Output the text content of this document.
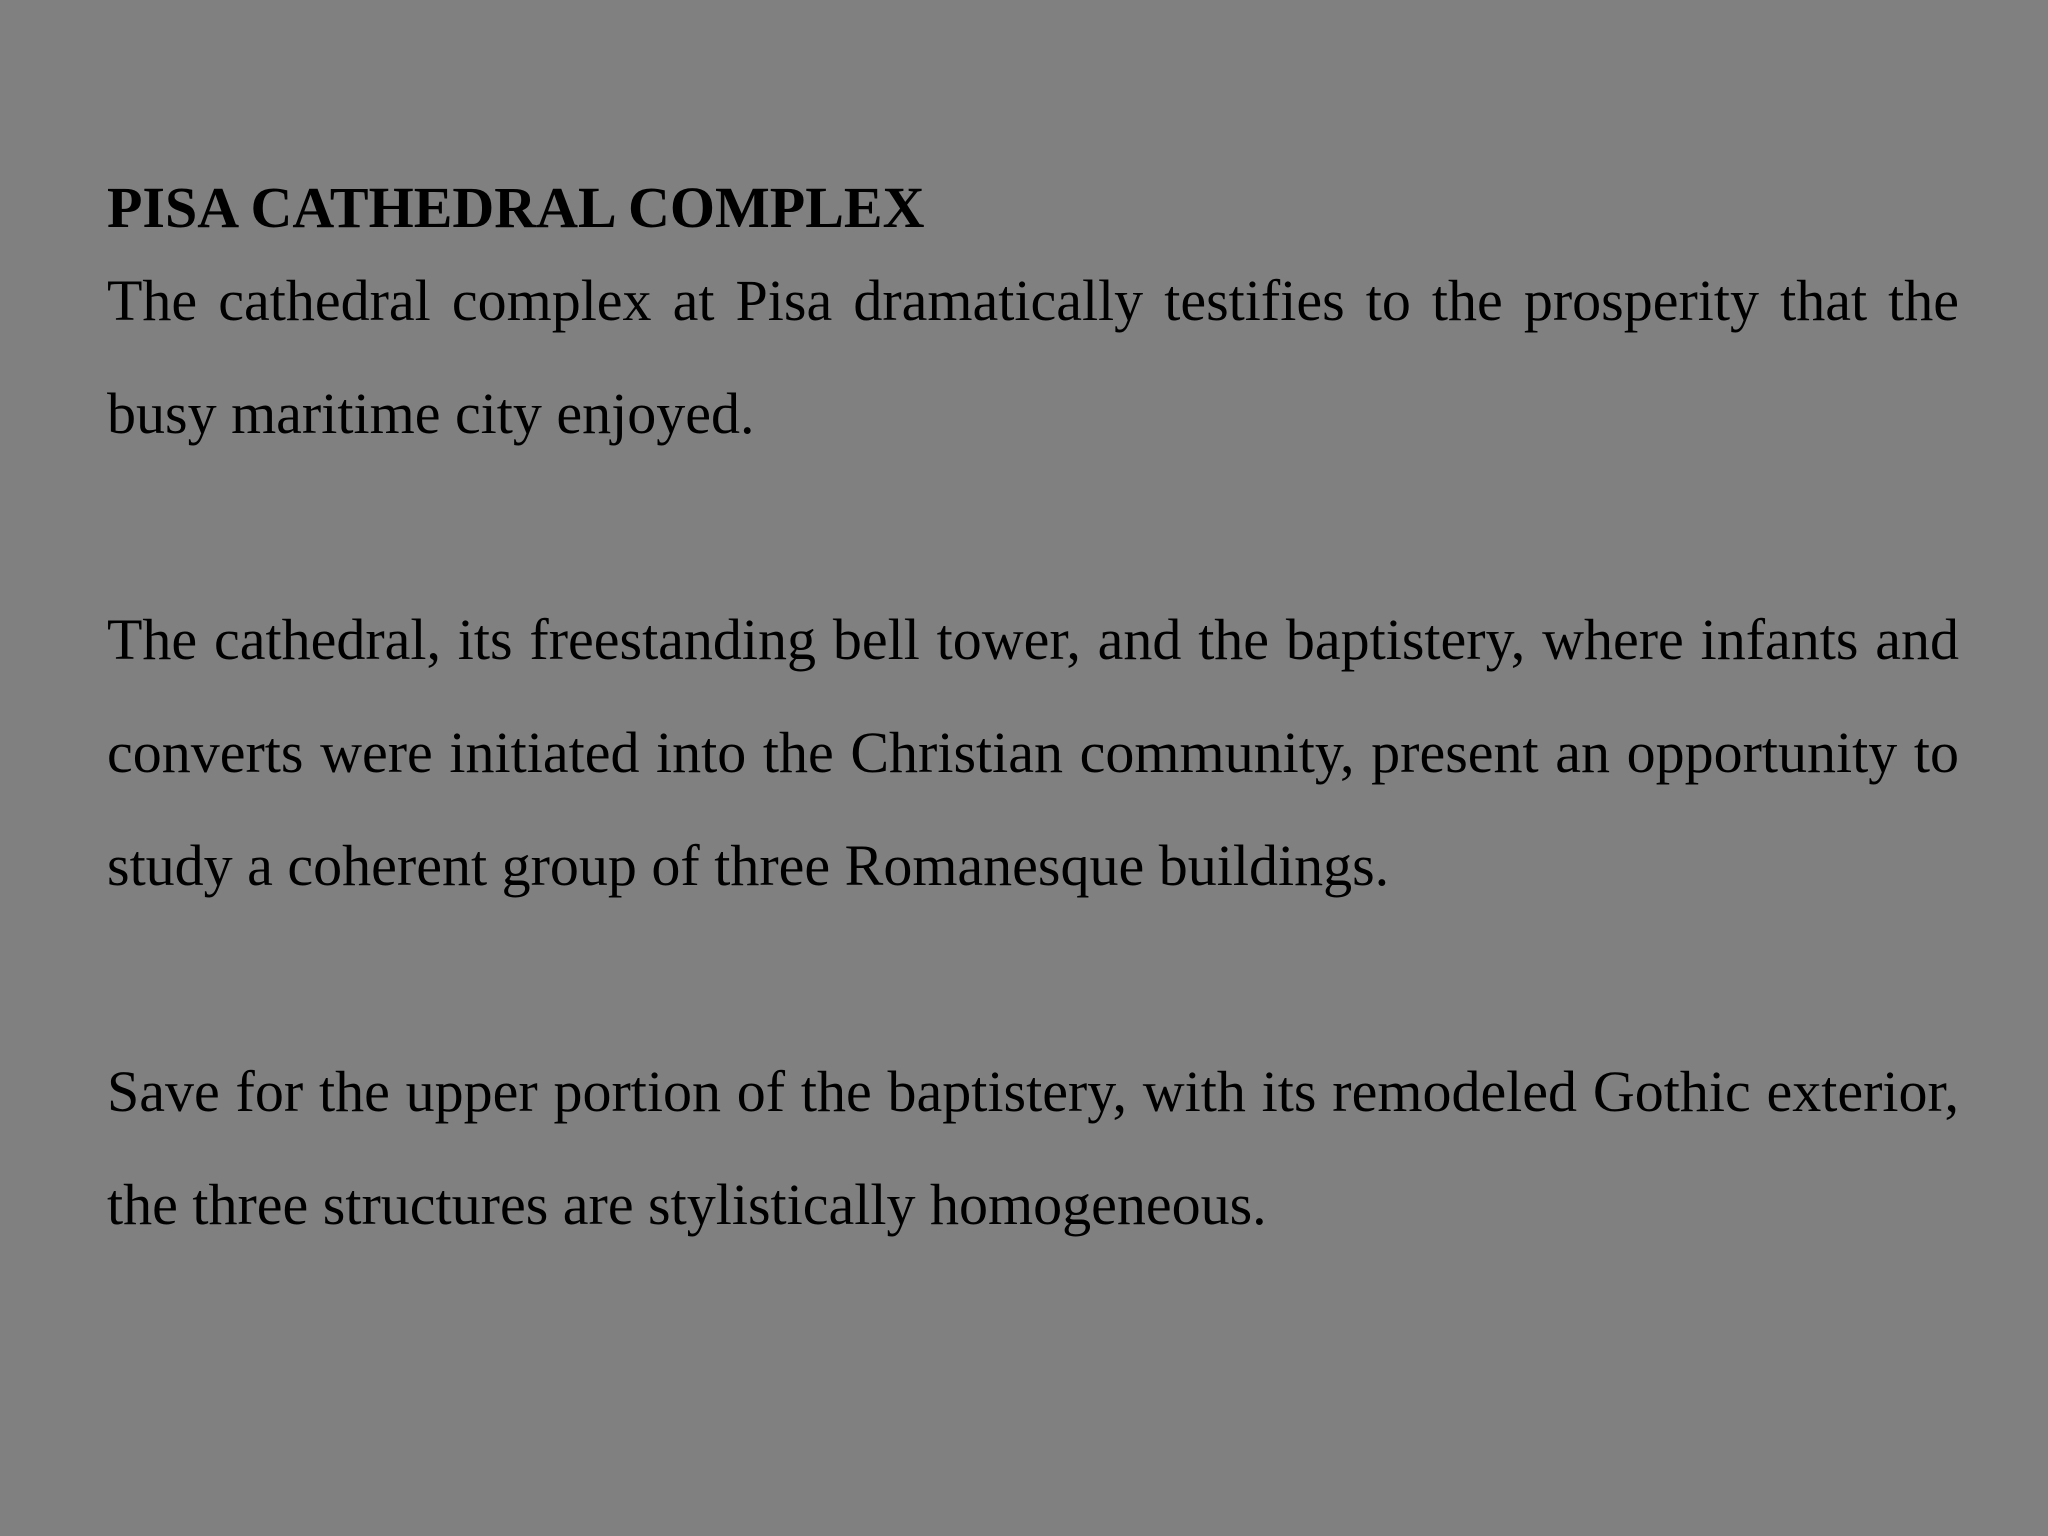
PISA CATHEDRAL COMPLEX

The cathedral complex at Pisa dramatically testifies to the prosperity that the busy maritime city enjoyed.

The cathedral, its freestanding bell tower, and the baptistery, where infants and converts were initiated into the Christian community, present an opportunity to study a coherent group of three Romanesque buildings.

Save for the upper portion of the baptistery, with its remodeled Gothic exterior, the three structures are stylistically homogeneous.
